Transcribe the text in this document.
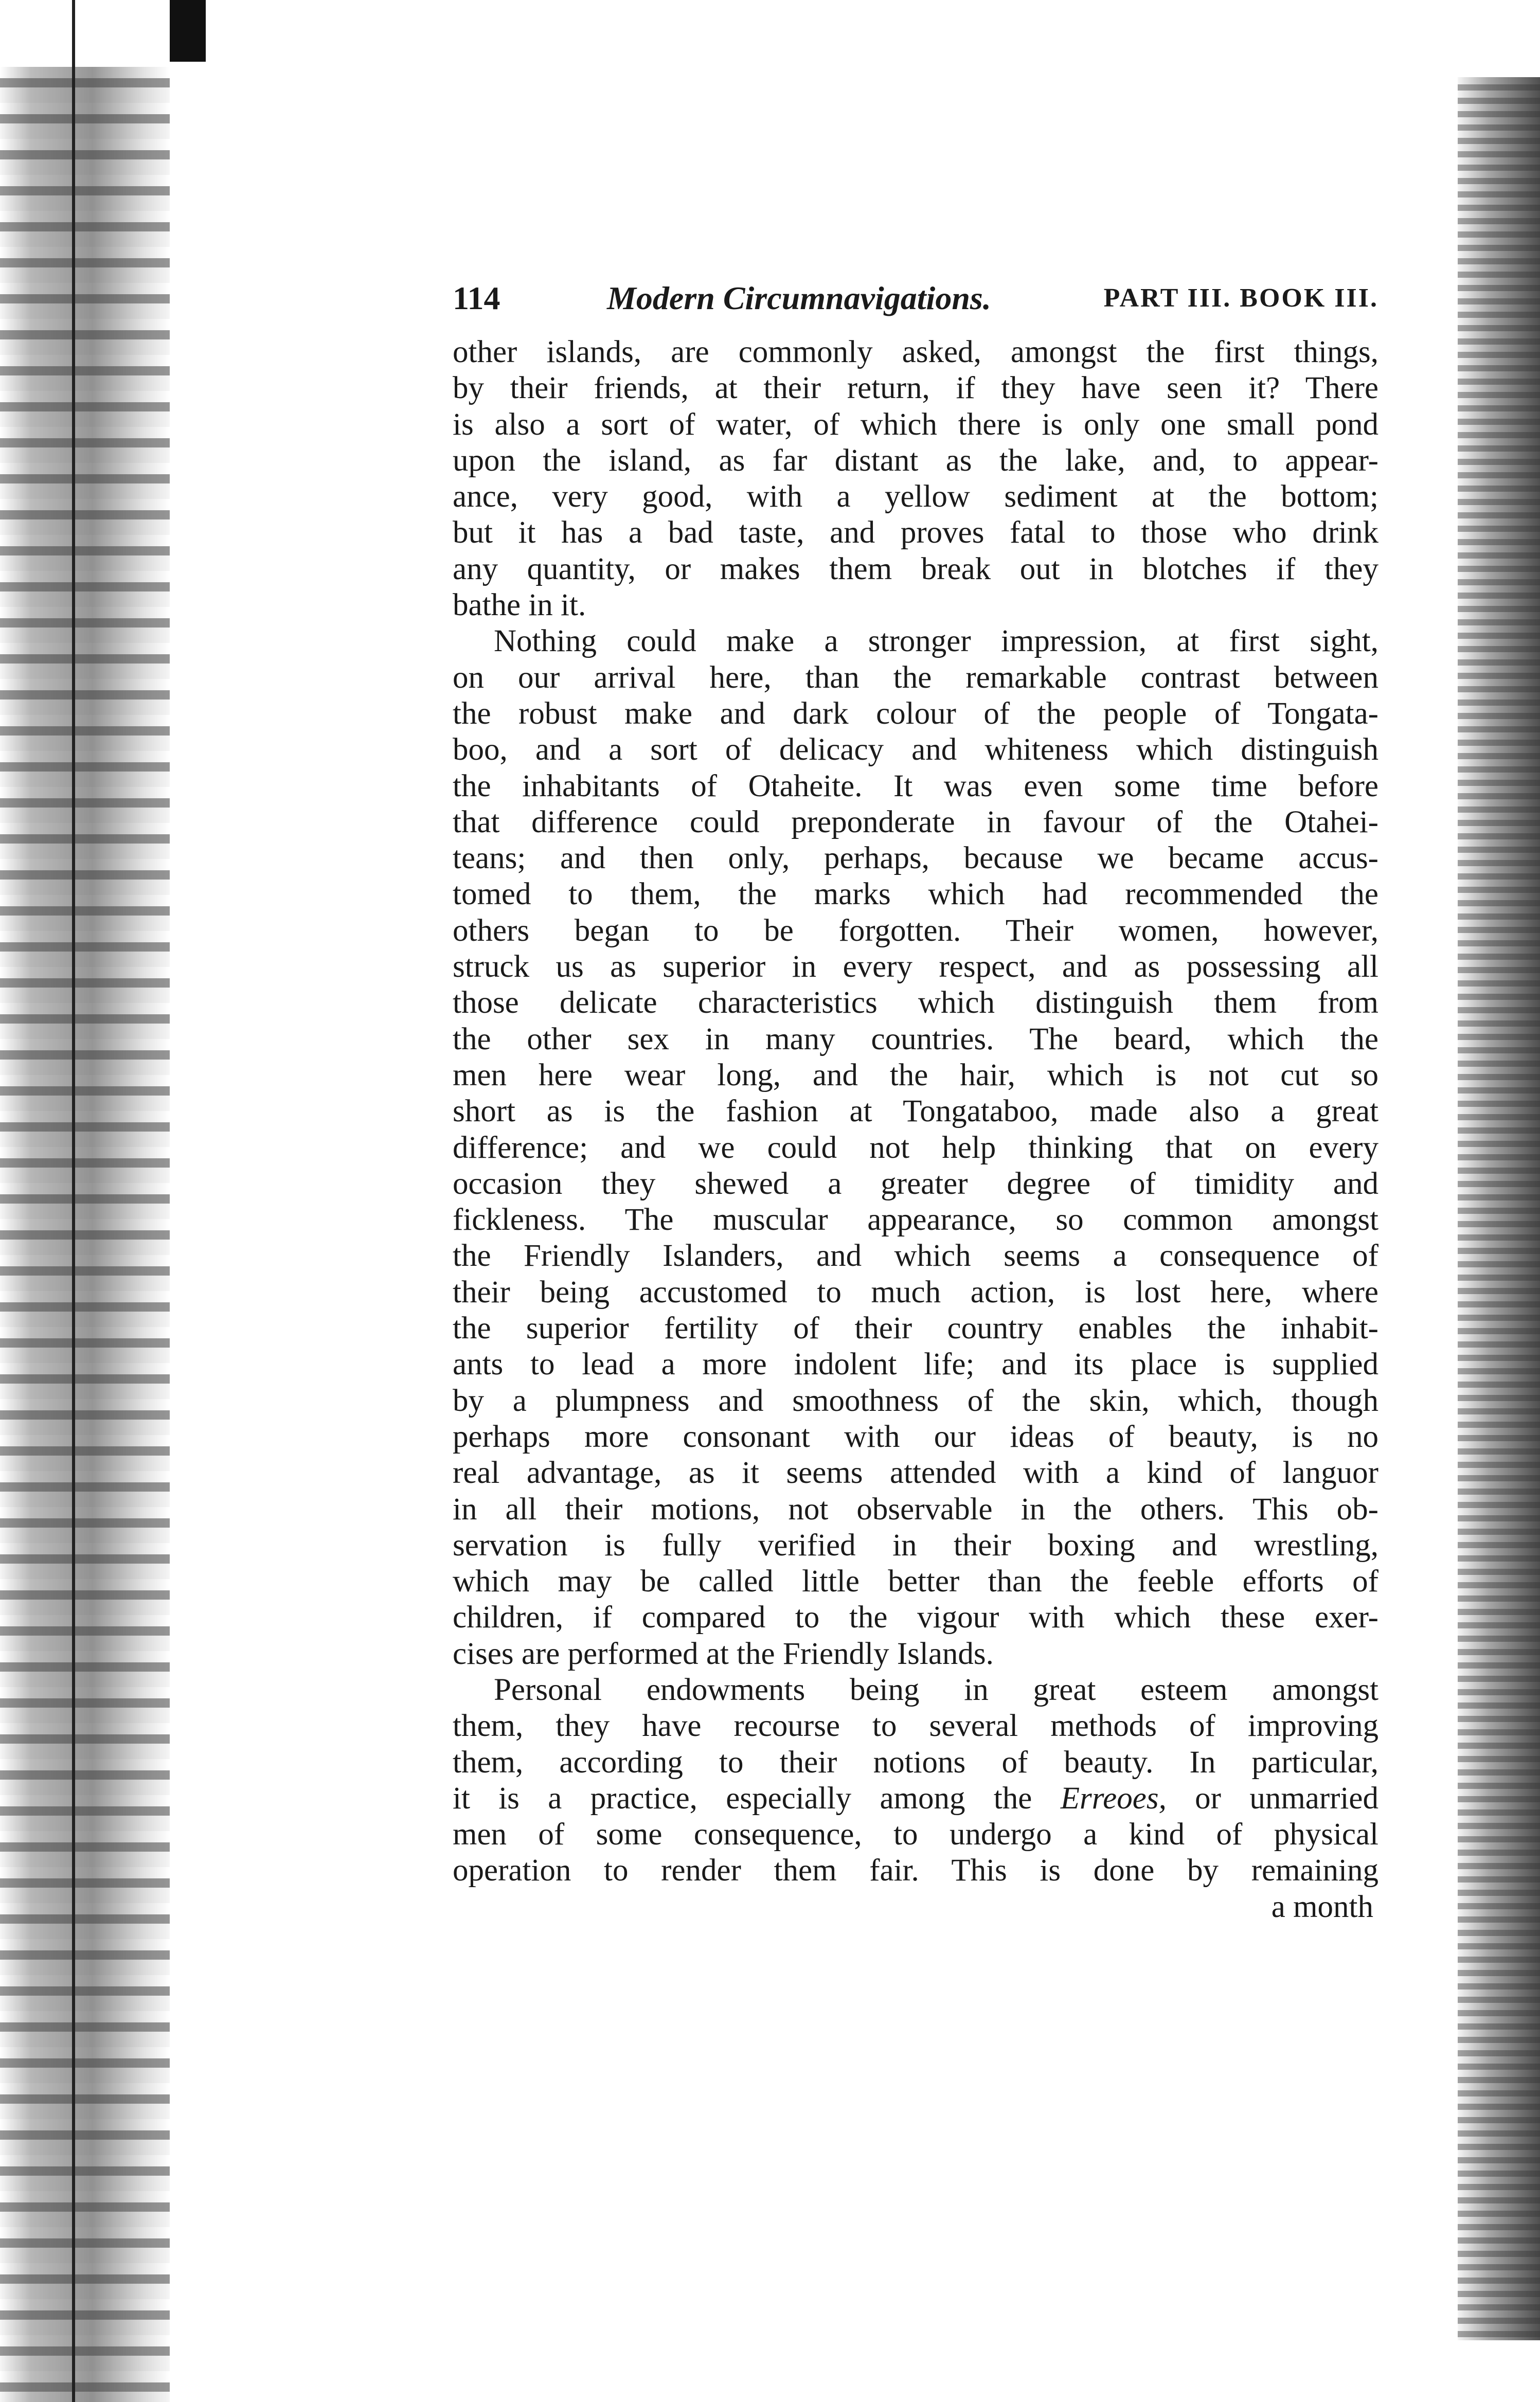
114	Modern Circumnavigations.	PART III. BOOK III.
other islands, are commonly asked, amongst the first things,
by their friends, at their return, if they have seen it? There
is also a sort of water, of which there is only one small pond
upon the island, as far distant as the lake, and, to appear-
ance, very good, with a yellow sediment at the bottom;
but it has a bad taste, and proves fatal to those who drink
any quantity, or makes them break out in blotches if they
bathe in it.
Nothing could make a stronger impression, at first sight,
on our arrival here, than the remarkable contrast between
the robust make and dark colour of the people of Tongata-
boo, and a sort of delicacy and whiteness which distinguish
the inhabitants of Otaheite. It was even some time before
that difference could preponderate in favour of the Otahei-
teans; and then only, perhaps, because we became accus-
tomed to them, the marks which had recommended the
others began to be forgotten. Their women, however,
struck us as superior in every respect, and as possessing all
those delicate characteristics which distinguish them from
the other sex in many countries. The beard, which the
men here wear long, and the hair, which is not cut so
short as is the fashion at Tongataboo, made also a great
difference; and we could not help thinking that on every
occasion they shewed a greater degree of timidity and
fickleness. The muscular appearance, so common amongst
the Friendly Islanders, and which seems a consequence of
their being accustomed to much action, is lost here, where
the superior fertility of their country enables the inhabit-
ants to lead a more indolent life; and its place is supplied
by a plumpness and smoothness of the skin, which, though
perhaps more consonant with our ideas of beauty, is no
real advantage, as it seems attended with a kind of languor
in all their motions, not observable in the others. This ob-
servation is fully verified in their boxing and wrestling,
which may be called little better than the feeble efforts of
children, if compared to the vigour with which these exer-
cises are performed at the Friendly Islands.
Personal endowments being in great esteem amongst
them, they have recourse to several methods of improving
them, according to their notions of beauty. In particular,
it is a practice, especially among the Erreoes, or unmarried
men of some consequence, to undergo a kind of physical
operation to render them fair. This is done by remaining
a month
